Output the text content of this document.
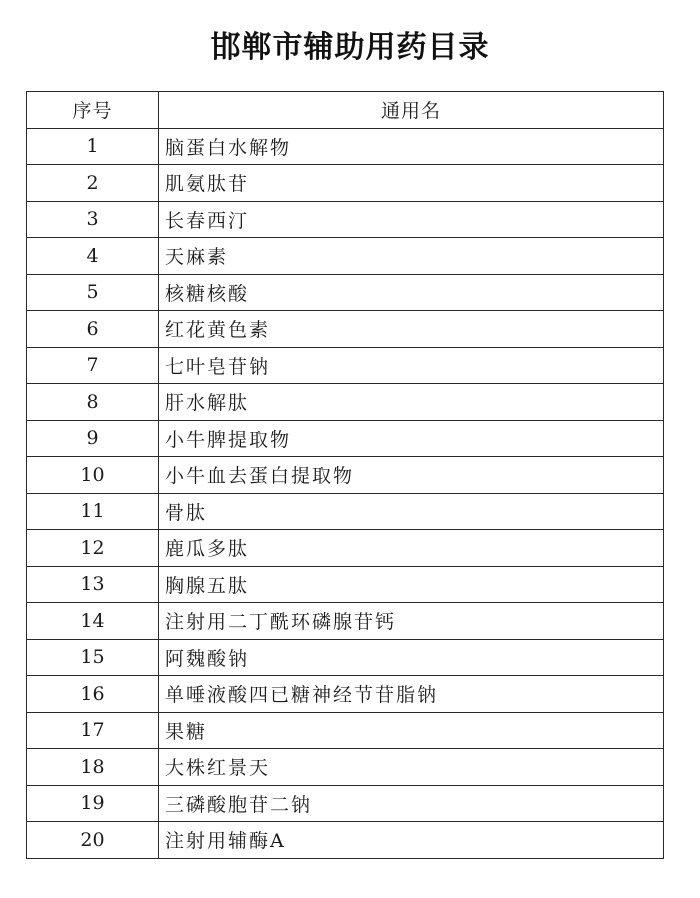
邯郸市辅助用药目录
序号	通用名
1	脑蛋白水解物
2	肌氨肽苷
3	长春西汀
4	天麻素
5	核糖核酸
6	红花黄色素
7	七叶皂苷钠
8	肝水解肽
9	小牛脾提取物
10	小牛血去蛋白提取物
11	骨肽
12	鹿瓜多肽
13	胸腺五肽
14	注射用二丁酰环磷腺苷钙
15	阿魏酸钠
16	单唾液酸四已糖神经节苷脂钠
17	果糖
18	大株红景天
19	三磷酸胞苷二钠
20	注射用辅酶A
